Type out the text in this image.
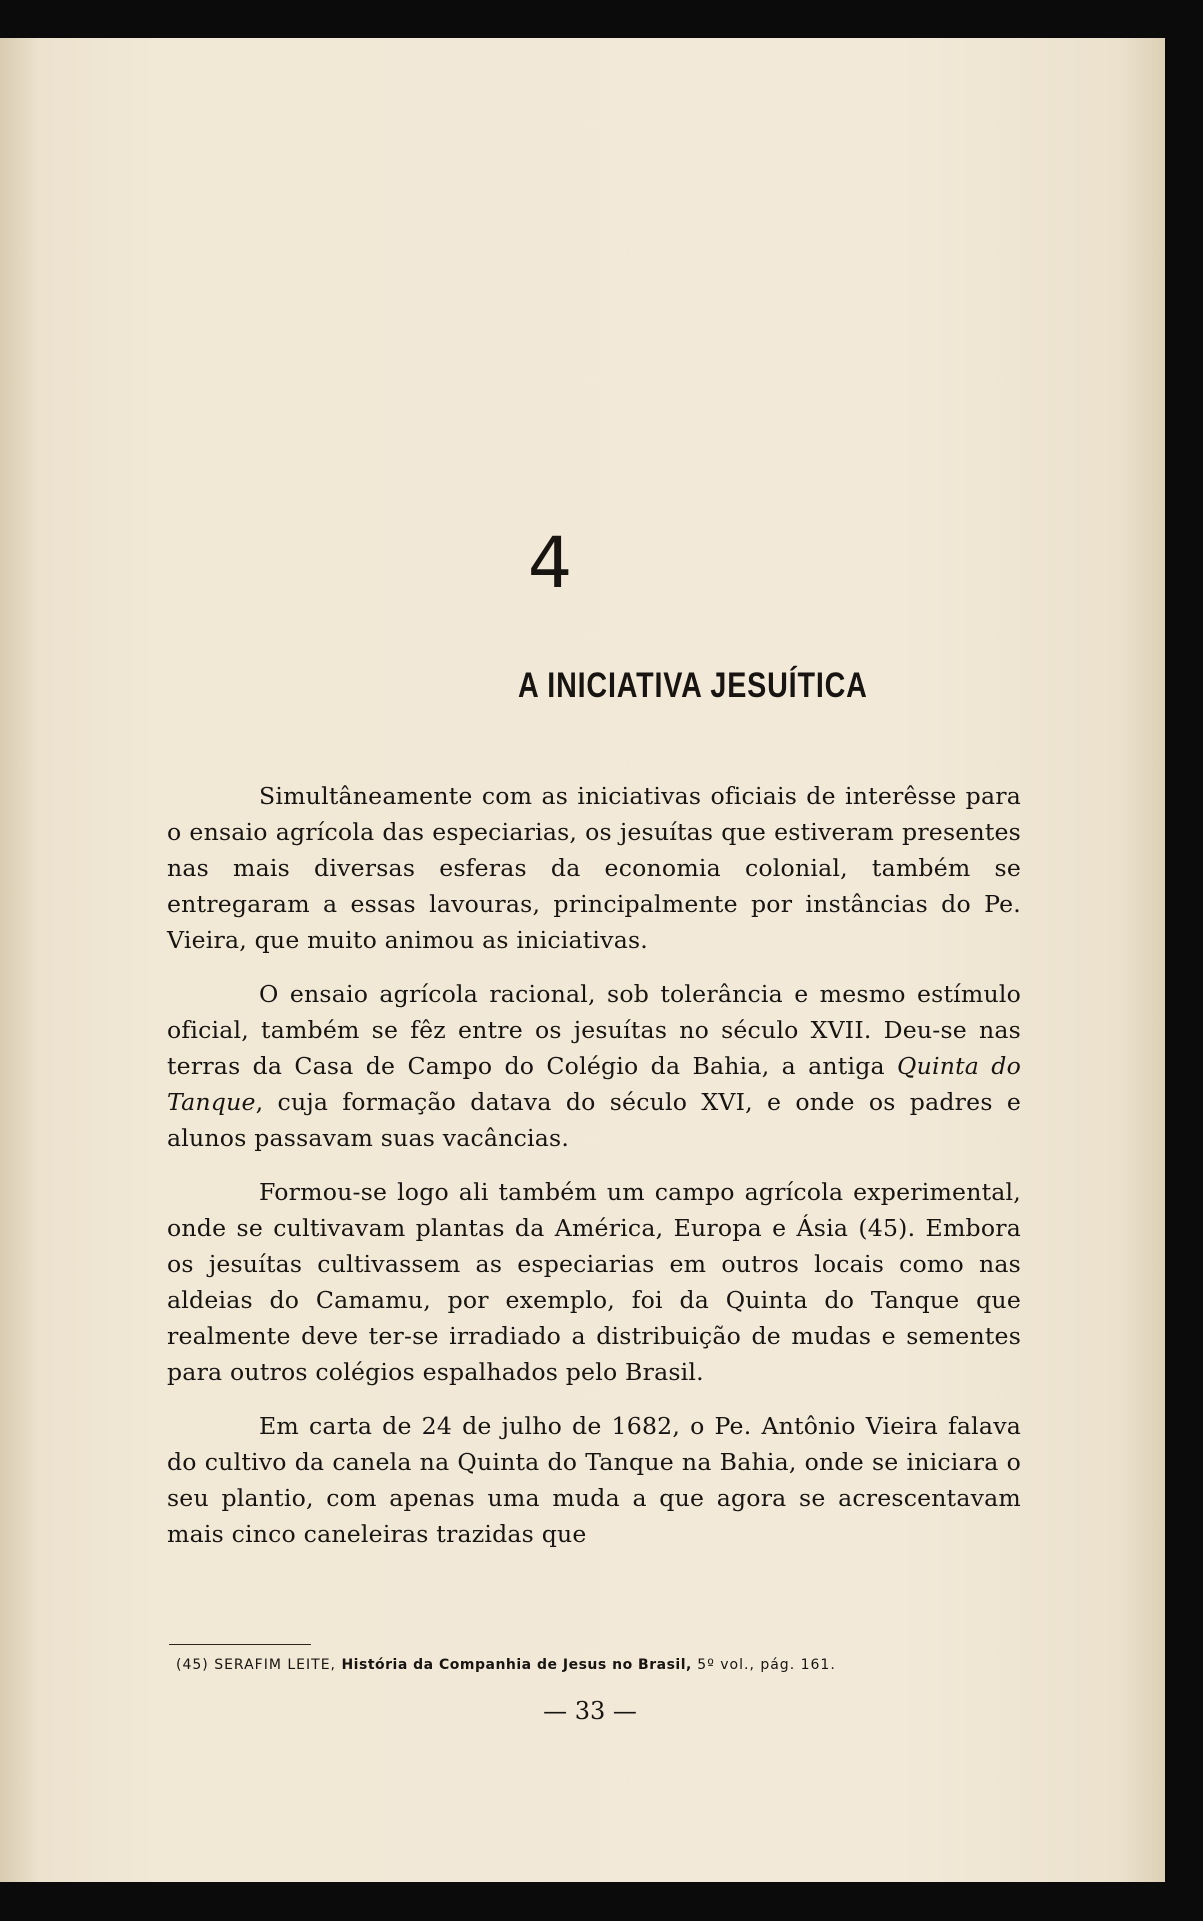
4
A INICIATIVA JESUÍTICA

Simultâneamente com as iniciativas oficiais de interêsse para o ensaio agrícola das especiarias, os jesuítas que estiveram presentes nas mais diversas esferas da economia colonial, também se entregaram a essas lavouras, principalmente por instâncias do Pe. Vieira, que muito animou as iniciativas.

O ensaio agrícola racional, sob tolerância e mesmo estímulo oficial, também se fêz entre os jesuítas no século XVII. Deu-se nas terras da Casa de Campo do Colégio da Bahia, a antiga Quinta do Tanque, cuja formação datava do século XVI, e onde os padres e alunos passavam suas vacâncias.

Formou-se logo ali também um campo agrícola experimental, onde se cultivavam plantas da América, Europa e Ásia (45). Embora os jesuítas cultivassem as especiarias em outros locais como nas aldeias do Camamu, por exemplo, foi da Quinta do Tanque que realmente deve ter-se irradiado a distribuição de mudas e sementes para outros colégios espalhados pelo Brasil.

Em carta de 24 de julho de 1682, o Pe. Antônio Vieira falava do cultivo da canela na Quinta do Tanque na Bahia, onde se iniciara o seu plantio, com apenas uma muda a que agora se acrescentavam mais cinco caneleiras trazidas que

(45) SERAFIM LEITE, História da Companhia de Jesus no Brasil, 5º vol., pág. 161.
— 33 —
